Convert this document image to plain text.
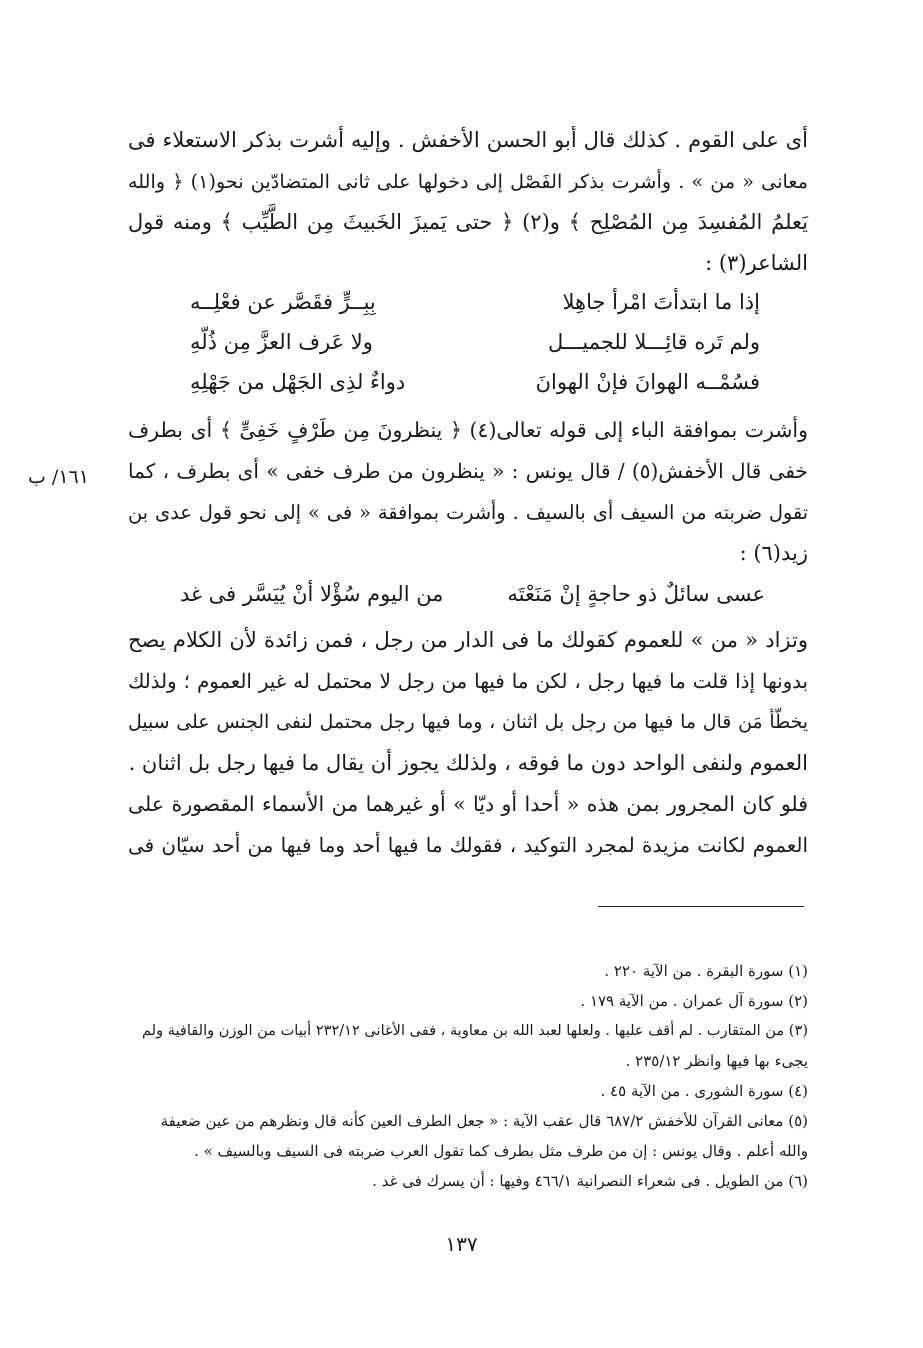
أى على القوم . كذلك قال أبو الحسن الأخفش . وإليه أشرت بذكر الاستعلاء فى
معانى « من » . وأشرت بذكر الفَصْل إلى دخولها على ثانى المتضادّين نحو(١) ﴿ والله
يَعلمُ المُفسِدَ مِن المُصْلِح ﴾ و(٢) ﴿ حتى يَميزَ الخَبيثَ مِن الطَّيِّب ﴾ ومنه قول
الشاعر(٣) :
إذا ما ابتدأتَ امْرأ جاهِلا
بِبِــرٍّ فقَصَّر عن فعْلِــه
ولم تَره قائِـــلا للجميـــل
ولا عَرف العزَّ مِن ذُلّهِ
فسُمْــه الهوانَ فإنْ الهوانَ
دواءٌ لذِى الجَهْل من جَهْلِهِ
وأشرت بموافقة الباء إلى قوله تعالى(٤) ﴿ ينظرونَ مِن طَرْفٍ خَفِىٍّ ﴾ أى بطرف
خفى قال الأخفش(٥) / قال يونس : « ينظرون من طرف خفى » أى بطرف ، كما
تقول ضربته من السيف أى بالسيف . وأشرت بموافقة « فى » إلى نحو قول عدى بن
زيد(٦) :
١٦١/ ب
عسى سائلٌ ذو حاجةٍ إنْ مَنَعْتَه
من اليوم سُؤْلا أنْ يُيَسَّر فى غد
وتزاد « من » للعموم كقولك ما فى الدار من رجل ، فمن زائدة لأن الكلام يصح
بدونها إذا قلت ما فيها رجل ، لكن ما فيها من رجل لا محتمل له غير العموم ؛ ولذلك
يخطّأ مَن قال ما فيها من رجل بل اثنان ، وما فيها رجل محتمل لنفى الجنس على سبيل
العموم ولنفى الواحد دون ما فوقه ، ولذلك يجوز أن يقال ما فيها رجل بل اثنان .
فلو كان المجرور بمن هذه « أحدا أو ديّا » أو غيرهما من الأسماء المقصورة على
العموم لكانت مزيدة لمجرد التوكيد ، فقولك ما فيها أحد وما فيها من أحد سيّان فى
(١) سورة البقرة . من الآية ٢٢٠ .
(٢) سورة آل عمران . من الآية ١٧٩ .
(٣) من المتقارب . لم أقف عليها . ولعلها لعبد الله بن معاوية ، ففى الأغانى ٢٣٢/١٢ أبيات من الوزن والقافية ولم
يجىء بها فيها وانظر ٢٣٥/١٢ .
(٤) سورة الشورى . من الآية ٤٥ .
(٥) معانى القرآن للأخفش ٦٨٧/٢ قال عقب الآية : « جعل الطرف العين كأنه قال ونظرهم من عين ضعيفة
والله أعلم . وقال يونس : إن من طرف مثل بطرف كما تقول العرب ضربته فى السيف وبالسيف » .
(٦) من الطويل . فى شعراء النصرانية ٤٦٦/١ وفيها : أن يسرك فى غد .
١٣٧
